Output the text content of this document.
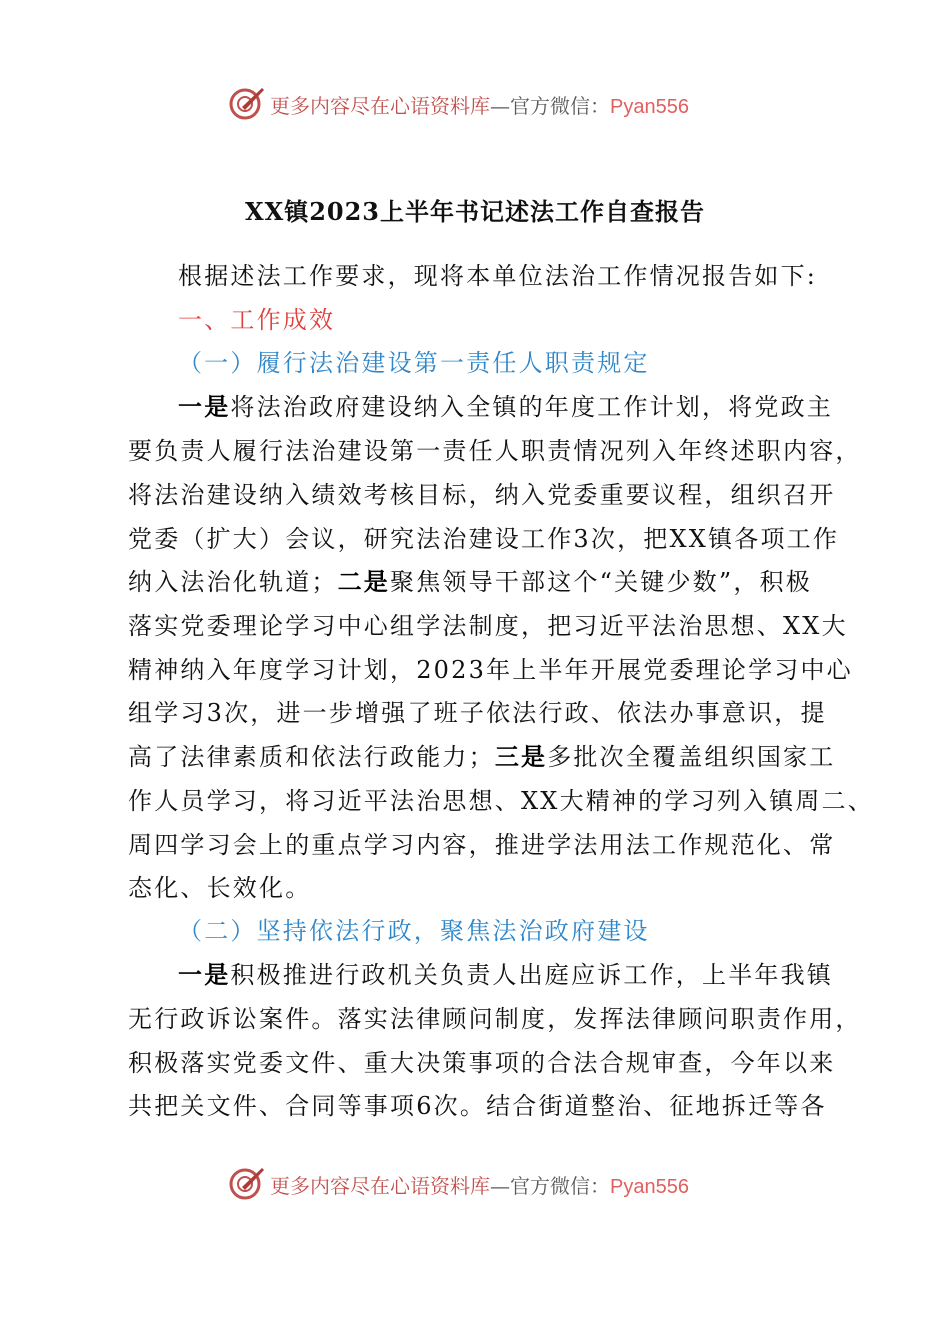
更多内容尽在心语资料库—官方微信：Pyan556
XX镇2023上半年书记述法工作自查报告
根据述法工作要求，现将本单位法治工作情况报告如下:
一、工作成效
（一）履行法治建设第一责任人职责规定
一是将法治政府建设纳入全镇的年度工作计划，将党政主
要负责人履行法治建设第一责任人职责情况列入年终述职内容，
将法治建设纳入绩效考核目标，纳入党委重要议程，组织召开
党委（扩大）会议，研究法治建设工作3次，把XX镇各项工作
纳入法治化轨道；二是聚焦领导干部这个“关键少数”，积极
落实党委理论学习中心组学法制度，把习近平法治思想、XX大
精神纳入年度学习计划，2023年上半年开展党委理论学习中心
组学习3次，进一步增强了班子依法行政、依法办事意识，提
高了法律素质和依法行政能力；三是多批次全覆盖组织国家工
作人员学习，将习近平法治思想、XX大精神的学习列入镇周二、
周四学习会上的重点学习内容，推进学法用法工作规范化、常
态化、长效化。
（二）坚持依法行政，聚焦法治政府建设
一是积极推进行政机关负责人出庭应诉工作，上半年我镇
无行政诉讼案件。落实法律顾问制度，发挥法律顾问职责作用，
积极落实党委文件、重大决策事项的合法合规审查，今年以来
共把关文件、合同等事项6次。结合街道整治、征地拆迁等各
更多内容尽在心语资料库—官方微信：Pyan556
